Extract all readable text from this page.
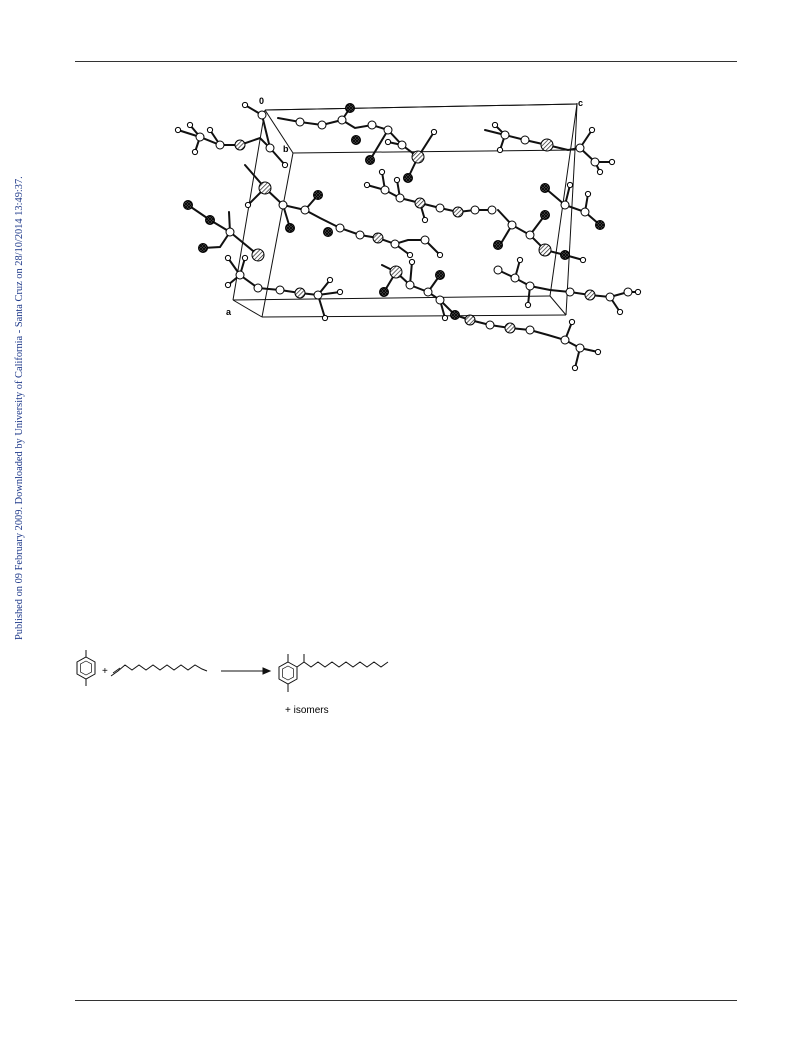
Published on 09 February 2009. Downloaded by University of California - Santa Cruz on 28/10/2014 13:49:37.
0
b
c
a
+
+ isomers
